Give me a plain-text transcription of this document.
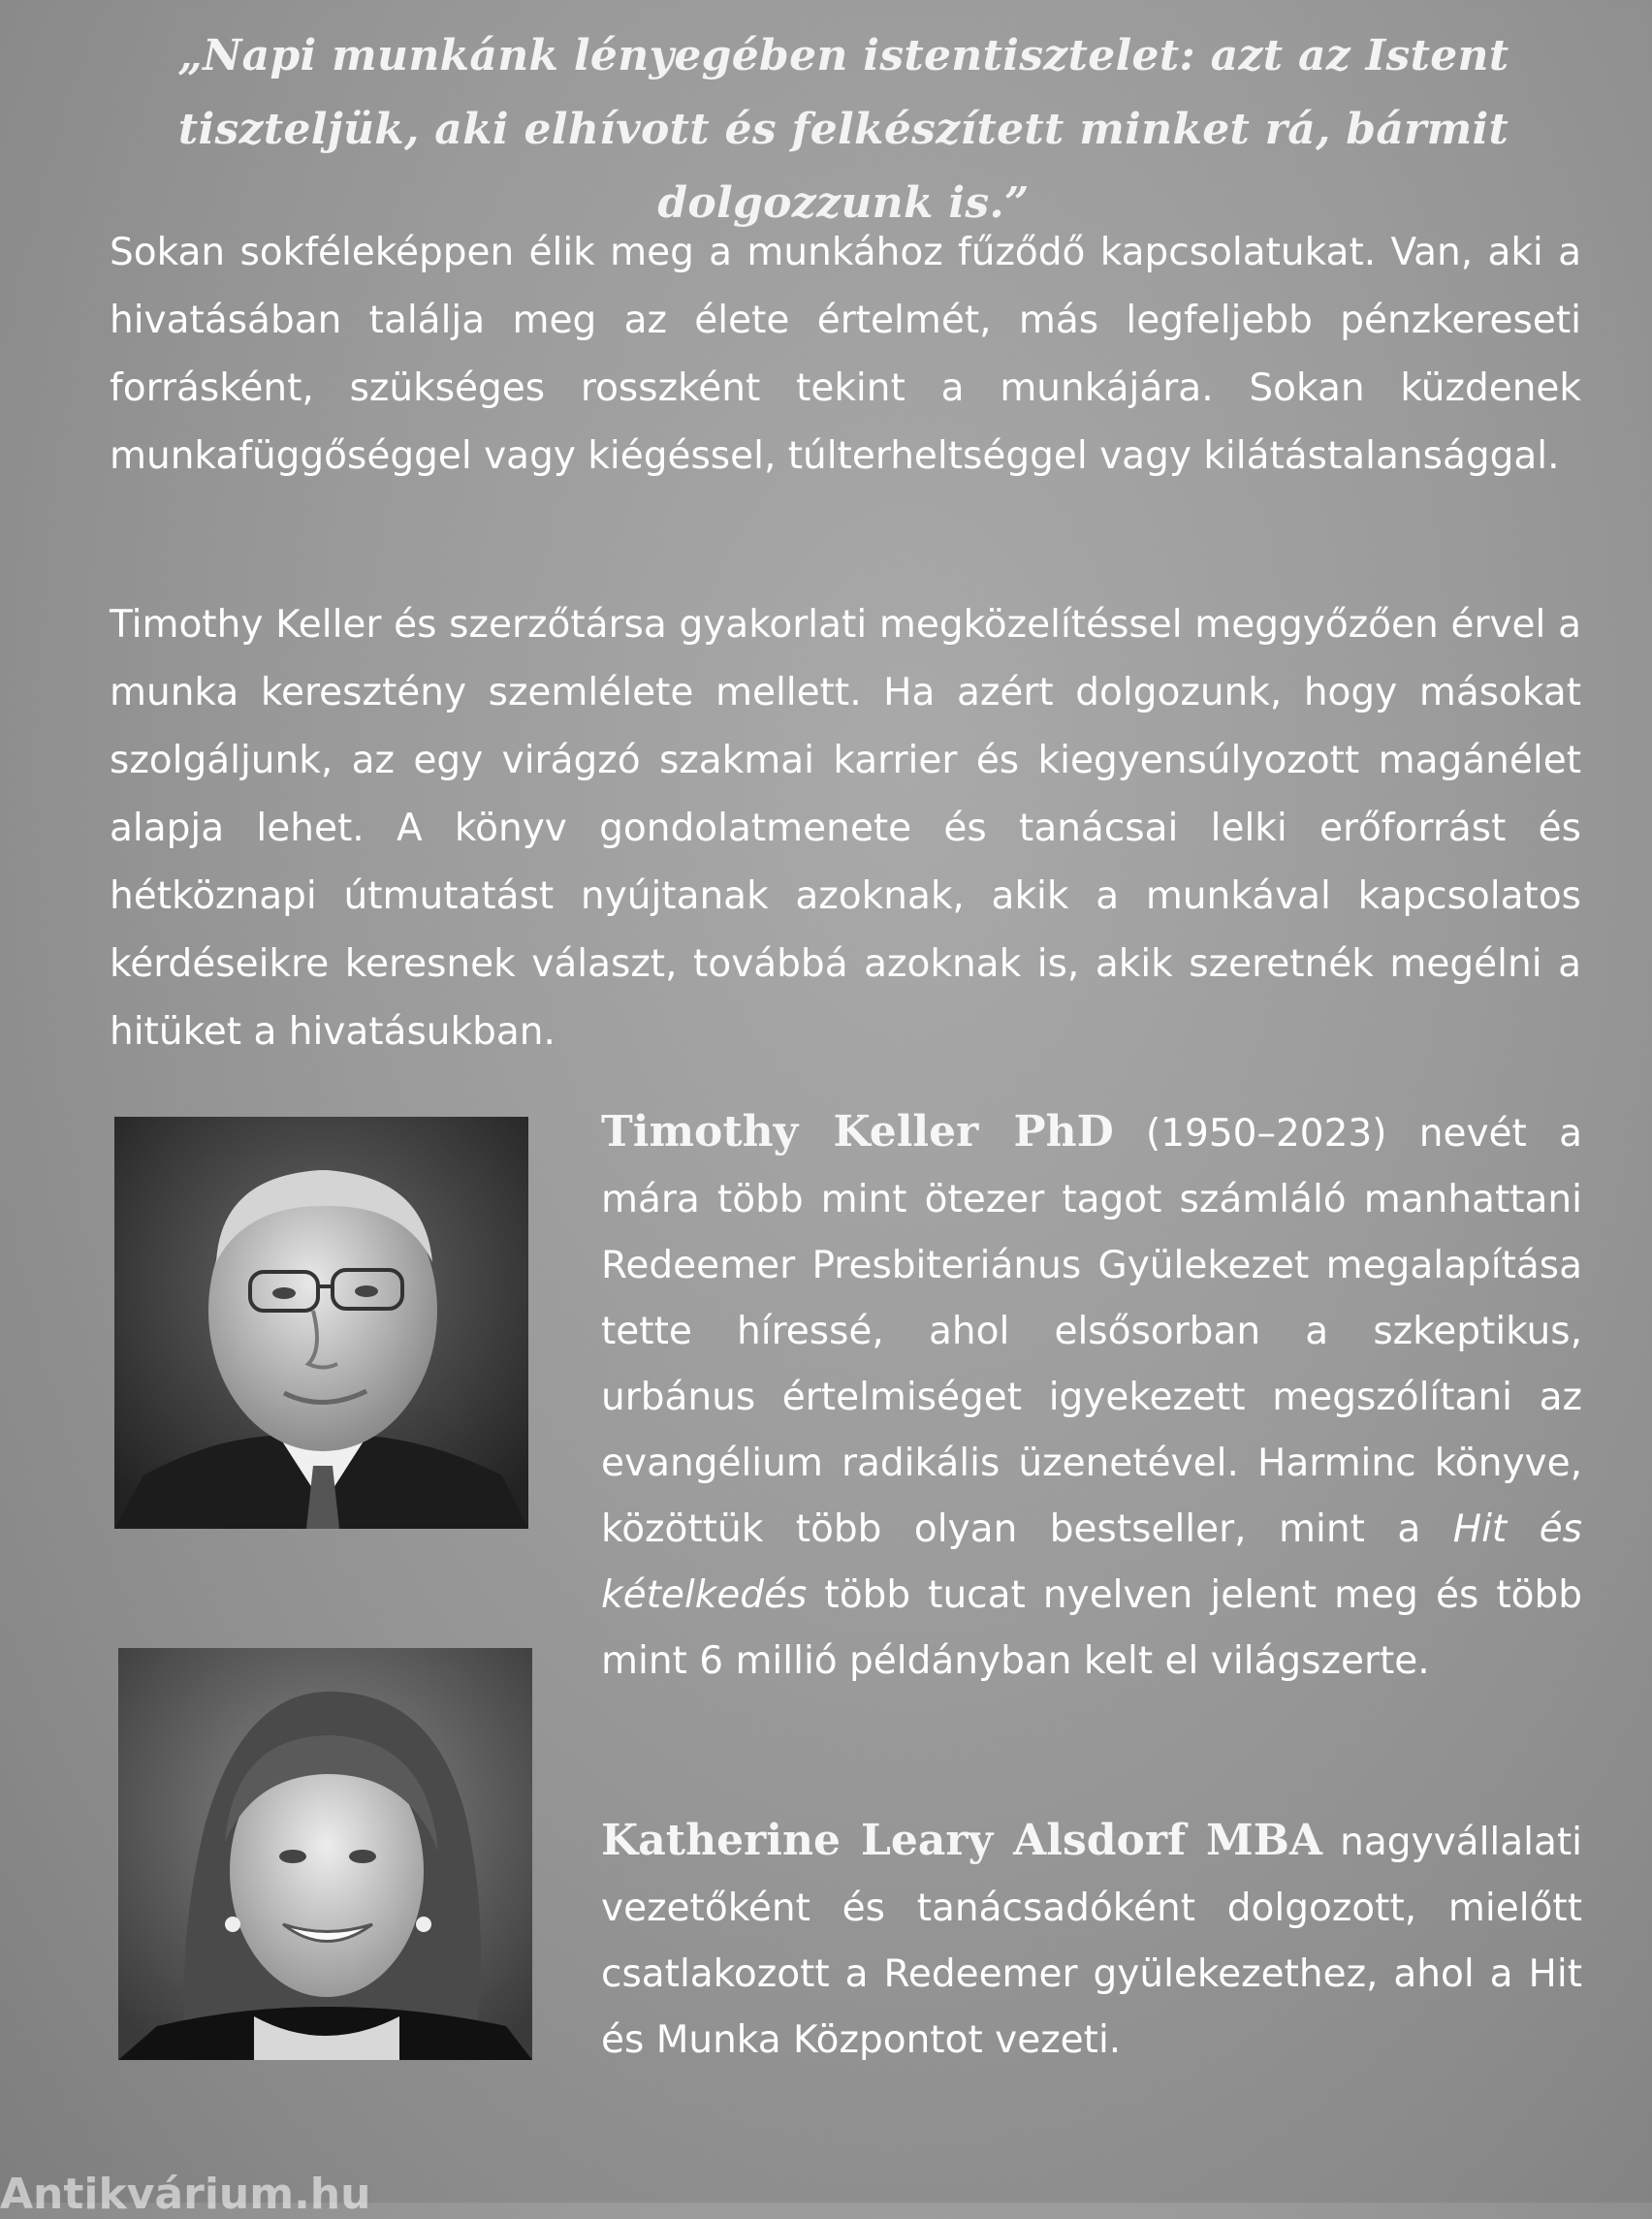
„Napi munkánk lényegében istentisztelet: azt az Istent tiszteljük, aki elhívott és felkészített minket rá, bármit dolgozzunk is.”
Sokan sokféleképpen élik meg a munkához fűződő kapcsolatukat. Van, aki a hivatásában találja meg az élete értelmét, más legfeljebb pénzkereseti forrásként, szükséges rosszként tekint a munkájára. Sokan küzdenek munkafüggőséggel vagy kiégéssel, túlterheltséggel vagy kilátástalansággal.
Timothy Keller és szerzőtársa gyakorlati megközelítéssel meggyőzően érvel a munka keresztény szemlélete mellett. Ha azért dolgozunk, hogy másokat szolgáljunk, az egy virágzó szakmai karrier és kiegyensúlyozott magánélet alapja lehet. A könyv gondolatmenete és tanácsai lelki erőforrást és hétköznapi útmutatást nyújtanak azoknak, akik a munkával kapcsolatos kérdéseikre keresnek választ, továbbá azoknak is, akik szeretnék megélni a hitüket a hivatásukban.
Timothy Keller PhD (1950–2023) nevét a mára több mint ötezer tagot számláló manhattani Redeemer Presbiteriánus Gyülekezet megalapítása tette híressé, ahol elsősorban a szkeptikus, urbánus értelmiséget igyekezett megszólítani az evangélium radikális üzenetével. Harminc könyve, közöttük több olyan bestseller, mint a Hit és kételkedés több tucat nyelven jelent meg és több mint 6 millió példányban kelt el világszerte.
Katherine Leary Alsdorf MBA nagyvállalati vezetőként és tanácsadóként dolgozott, mielőtt csatlakozott a Redeemer gyülekezethez, ahol a Hit és Munka Központot vezeti.
Antikvárium.hu
